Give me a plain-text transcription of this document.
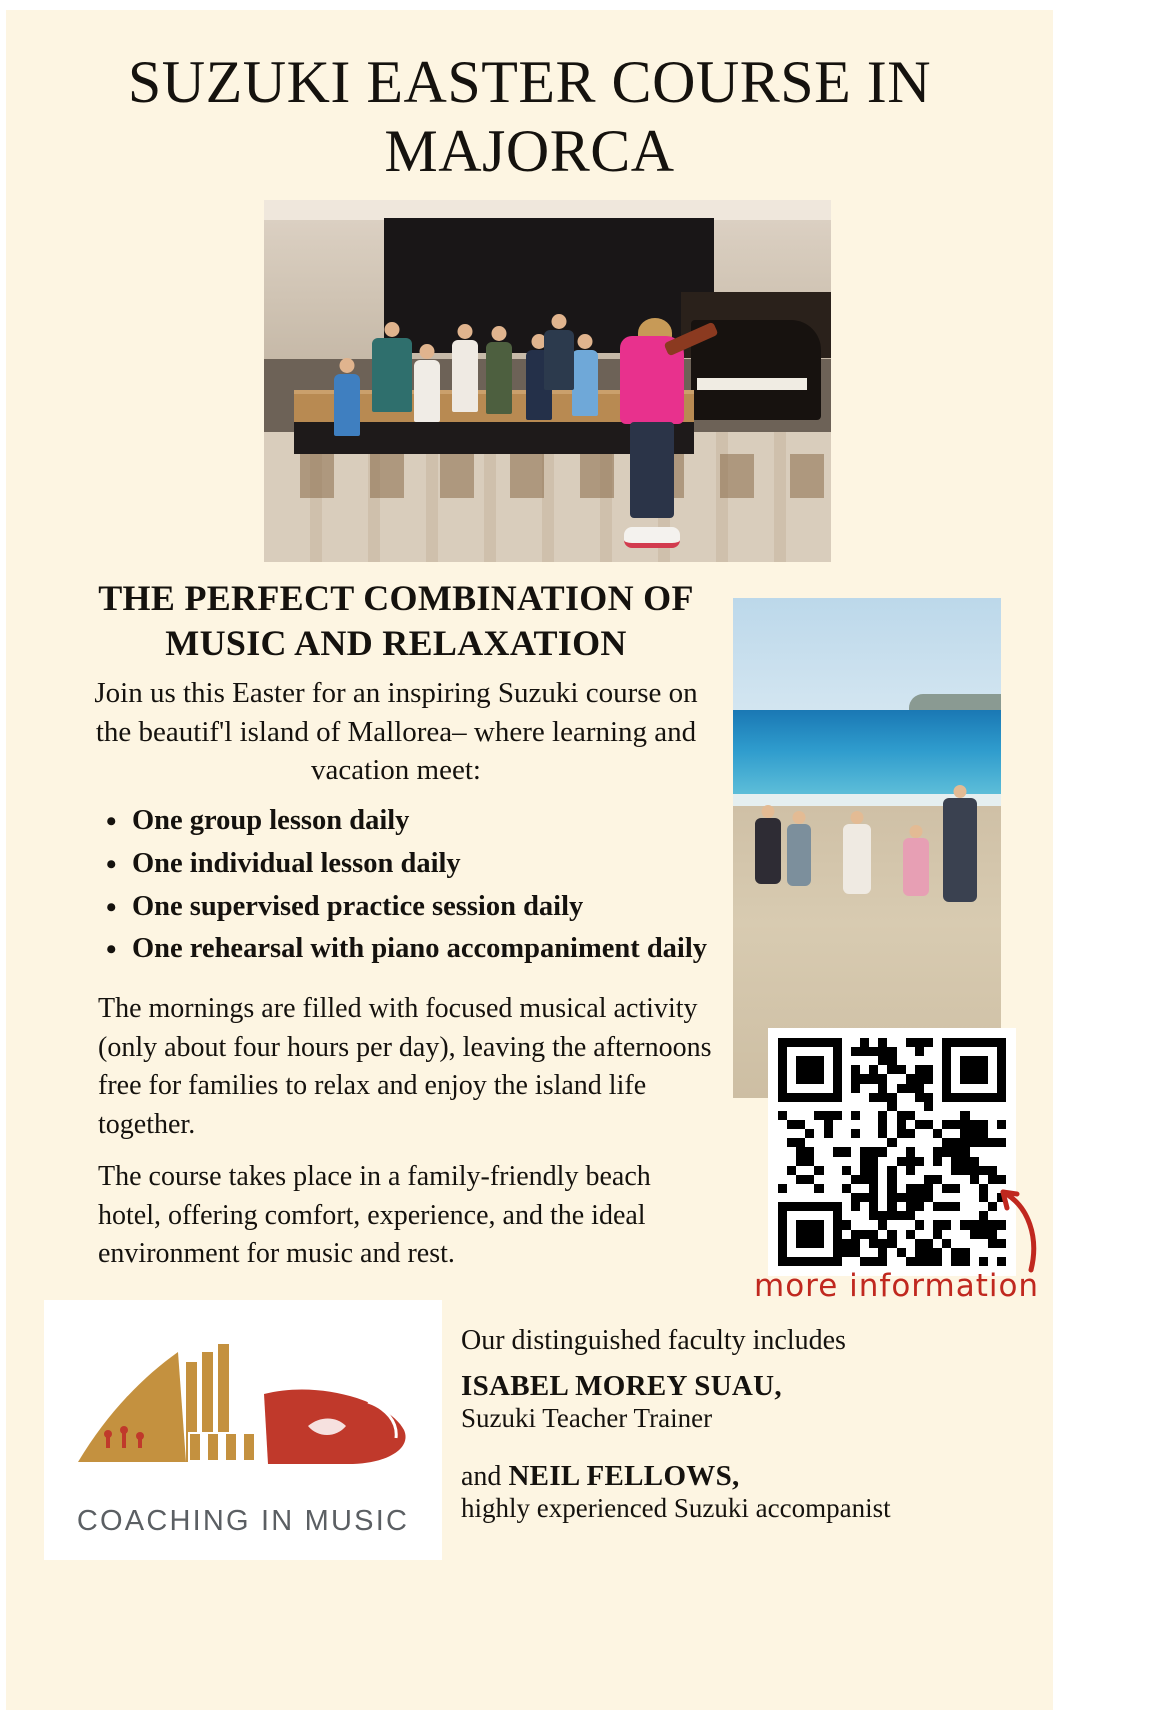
SUZUKI EASTER COURSE IN MAJORCA
THE PERFECT COMBINATION OF MUSIC AND RELAXATION
Join us this Easter for an inspiring Suzuki course on the beautif'l island of Mallorea– where learning and vacation meet:
• One group lesson daily
• One individual lesson daily
• One supervised practice session daily
• One rehearsal with piano accompaniment daily
The mornings are filled with focused musical activity (only about four hours per day), leaving the afternoons free for families to relax and enjoy the island life together.
The course takes place in a family-friendly beach hotel, offering comfort, experience, and the ideal environment for music and rest.
more information
COACHING IN MUSIC
Our distinguished faculty includes
ISABEL MOREY SUAU,
Suzuki Teacher Trainer
and NEIL FELLOWS,
highly experienced Suzuki accompanist
